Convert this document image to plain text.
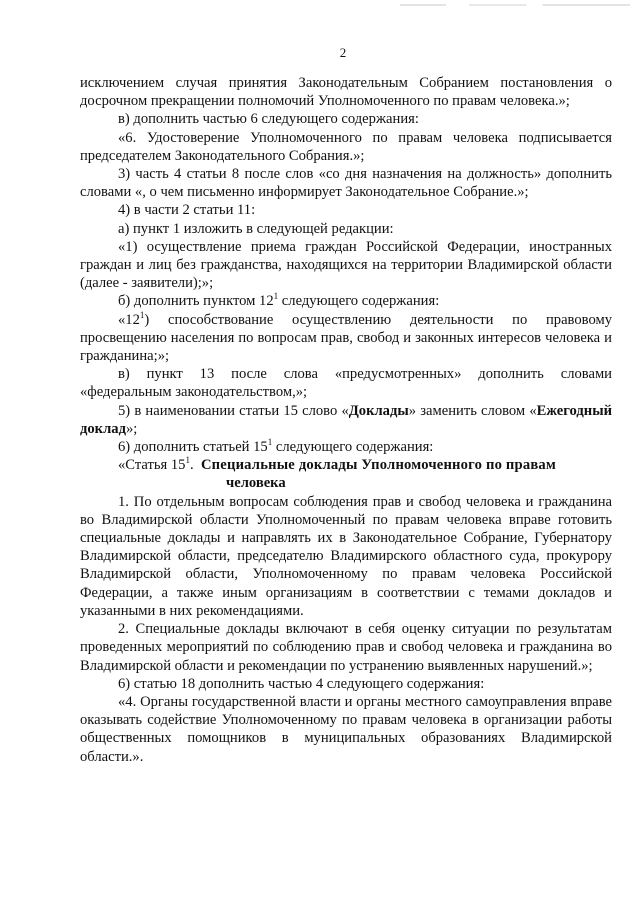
2

исключением случая принятия Законодательным Собранием постановления о досрочном прекращении полномочий Уполномоченного по правам человека.»;

в) дополнить частью 6 следующего содержания:

«6. Удостоверение Уполномоченного по правам человека подписывается председателем Законодательного Собрания.»;

3) часть 4 статьи 8 после слов «со дня назначения на должность» дополнить словами «, о чем письменно информирует Законодательное Собрание.»;

4) в части 2 статьи 11:

а) пункт 1 изложить в следующей редакции:

«1) осуществление приема граждан Российской Федерации, иностранных граждан и лиц без гражданства, находящихся на территории Владимирской области (далее - заявители);»;

б) дополнить пунктом $12^1$ следующего содержания:

«$12^1$) способствование осуществлению деятельности по правовому просвещению населения по вопросам прав, свобод и законных интересов человека и гражданина;»;

в) пункт 13 после слова «предусмотренных» дополнить словами «федеральным законодательством,»;

5) в наименовании статьи 15 слово «Доклады» заменить словом «Ежегодный доклад»;

6) дополнить статьей $15^1$ следующего содержания:

«Статья $15^1$. Специальные доклады Уполномоченного по правам

человека

1. По отдельным вопросам соблюдения прав и свобод человека и гражданина во Владимирской области Уполномоченный по правам человека вправе готовить специальные доклады и направлять их в Законодательное Собрание, Губернатору Владимирской области, председателю Владимирского областного суда, прокурору Владимирской области, Уполномоченному по правам человека Российской Федерации, а также иным организациям в соответствии с темами докладов и указанными в них рекомендациями.

2. Специальные доклады включают в себя оценку ситуации по результатам проведенных мероприятий по соблюдению прав и свобод человека и гражданина во Владимирской области и рекомендации по устранению выявленных нарушений.»;

6) статью 18 дополнить частью 4 следующего содержания:

«4. Органы государственной власти и органы местного самоуправления вправе оказывать содействие Уполномоченному по правам человека в организации работы общественных помощников в муниципальных образованиях Владимирской области.».
